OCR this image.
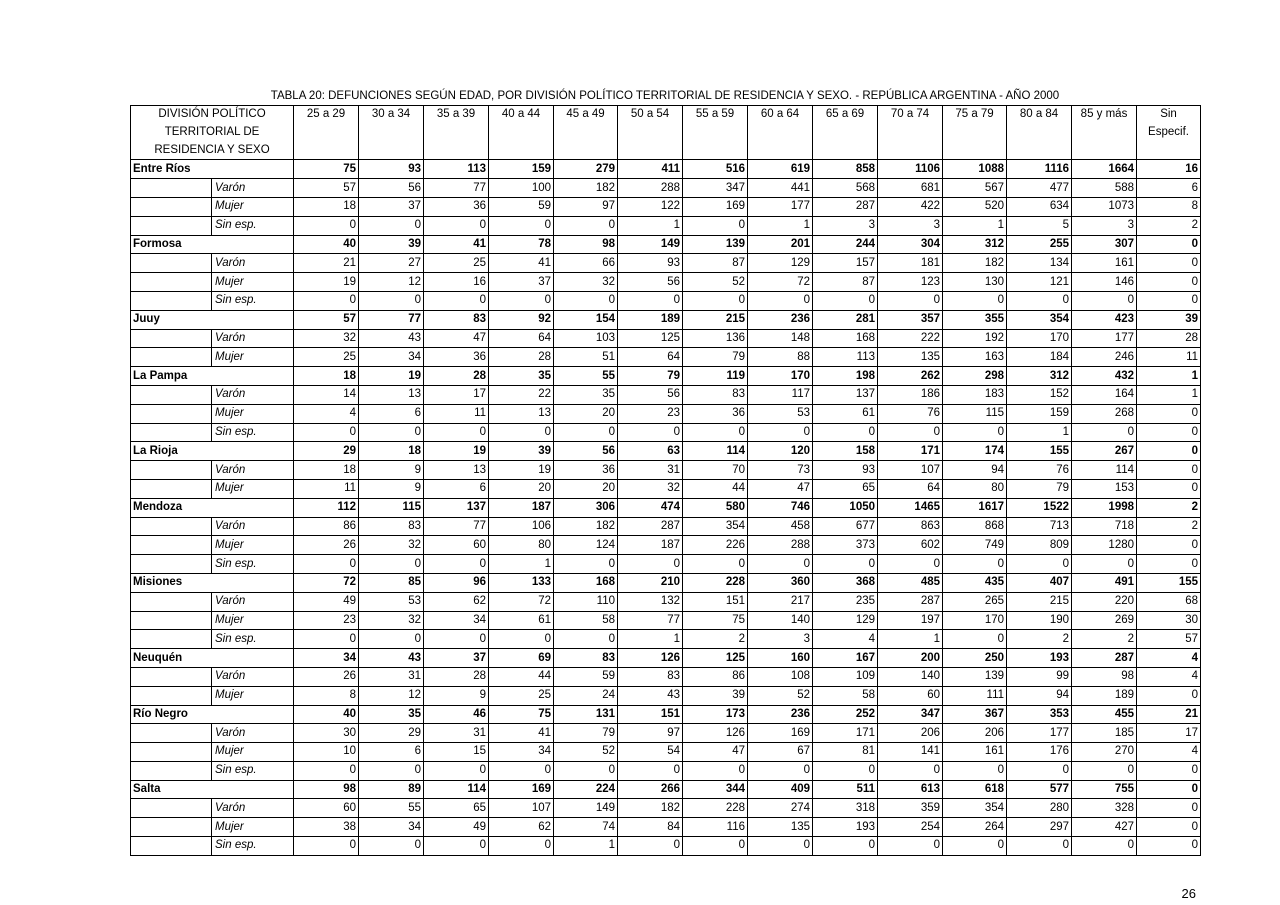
TABLA 20: DEFUNCIONES SEGÚN EDAD, POR DIVISIÓN POLÍTICO TERRITORIAL DE RESIDENCIA Y SEXO. - REPÚBLICA ARGENTINA - AÑO 2000
DIVISIÓN POLÍTICO		25 a 29	30 a 34	35 a 39	40 a 44	45 a 49	50 a 54	55 a 59	60 a 64	65 a 69	70 a 74	75 a 79	80 a 84	85 y más	Sin
TERRITORIAL DE															Especif.
RESIDENCIA Y SEXO															
Entre Ríos		75	93	113	159	279	411	516	619	858	1106	1088	1116	1664	16
	Varón	57	56	77	100	182	288	347	441	568	681	567	477	588	6
	Mujer	18	37	36	59	97	122	169	177	287	422	520	634	1073	8
	Sin esp.	0	0	0	0	0	1	0	1	3	3	1	5	3	2
Formosa		40	39	41	78	98	149	139	201	244	304	312	255	307	0
	Varón	21	27	25	41	66	93	87	129	157	181	182	134	161	0
	Mujer	19	12	16	37	32	56	52	72	87	123	130	121	146	0
	Sin esp.	0	0	0	0	0	0	0	0	0	0	0	0	0	0
Juuy		57	77	83	92	154	189	215	236	281	357	355	354	423	39
	Varón	32	43	47	64	103	125	136	148	168	222	192	170	177	28
	Mujer	25	34	36	28	51	64	79	88	113	135	163	184	246	11
La Pampa		18	19	28	35	55	79	119	170	198	262	298	312	432	1
	Varón	14	13	17	22	35	56	83	117	137	186	183	152	164	1
	Mujer	4	6	11	13	20	23	36	53	61	76	115	159	268	0
	Sin esp.	0	0	0	0	0	0	0	0	0	0	0	1	0	0
La Rioja		29	18	19	39	56	63	114	120	158	171	174	155	267	0
	Varón	18	9	13	19	36	31	70	73	93	107	94	76	114	0
	Mujer	11	9	6	20	20	32	44	47	65	64	80	79	153	0
Mendoza		112	115	137	187	306	474	580	746	1050	1465	1617	1522	1998	2
	Varón	86	83	77	106	182	287	354	458	677	863	868	713	718	2
	Mujer	26	32	60	80	124	187	226	288	373	602	749	809	1280	0
	Sin esp.	0	0	0	1	0	0	0	0	0	0	0	0	0	0
Misiones		72	85	96	133	168	210	228	360	368	485	435	407	491	155
	Varón	49	53	62	72	110	132	151	217	235	287	265	215	220	68
	Mujer	23	32	34	61	58	77	75	140	129	197	170	190	269	30
	Sin esp.	0	0	0	0	0	1	2	3	4	1	0	2	2	57
Neuquén		34	43	37	69	83	126	125	160	167	200	250	193	287	4
	Varón	26	31	28	44	59	83	86	108	109	140	139	99	98	4
	Mujer	8	12	9	25	24	43	39	52	58	60	111	94	189	0
Río Negro		40	35	46	75	131	151	173	236	252	347	367	353	455	21
	Varón	30	29	31	41	79	97	126	169	171	206	206	177	185	17
	Mujer	10	6	15	34	52	54	47	67	81	141	161	176	270	4
	Sin esp.	0	0	0	0	0	0	0	0	0	0	0	0	0	0
Salta		98	89	114	169	224	266	344	409	511	613	618	577	755	0
	Varón	60	55	65	107	149	182	228	274	318	359	354	280	328	0
	Mujer	38	34	49	62	74	84	116	135	193	254	264	297	427	0
	Sin esp.	0	0	0	0	1	0	0	0	0	0	0	0	0	0
26
